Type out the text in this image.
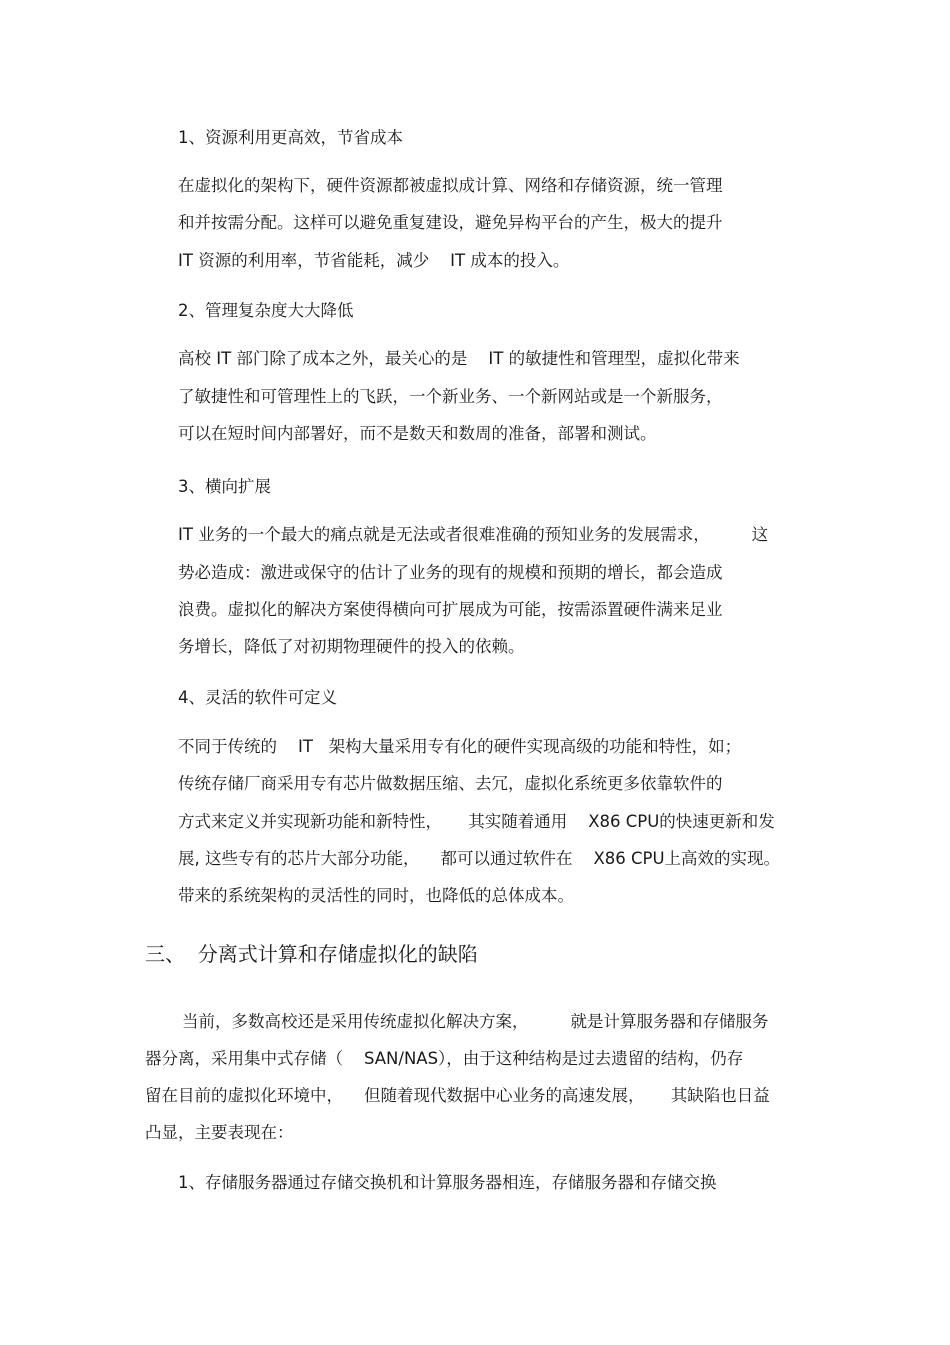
1、资源利用更高效，节省成本

在虚拟化的架构下，硬件资源都被虚拟成计算、网络和存储资源，统一管理

和并按需分配。这样可以避免重复建设，避免异构平台的产生，极大的提升

IT 资源的利用率，节省能耗，减少    IT 成本的投入。

2、管理复杂度大大降低

高校 IT 部门除了成本之外，最关心的是    IT 的敏捷性和管理型，虚拟化带来

了敏捷性和可管理性上的飞跃，一个新业务、一个新网站或是一个新服务，

可以在短时间内部署好，而不是数天和数周的准备，部署和测试。

3、横向扩展

IT 业务的一个最大的痛点就是无法或者很难准确的预知业务的发展需求，        这

势必造成：激进或保守的估计了业务的现有的规模和预期的增长，都会造成

浪费。虚拟化的解决方案使得横向可扩展成为可能，按需添置硬件满来足业

务增长，降低了对初期物理硬件的投入的依赖。

4、灵活的软件可定义

不同于传统的    IT   架构大量采用专有化的硬件实现高级的功能和特性，如；

传统存储厂商采用专有芯片做数据压缩、去冗，虚拟化系统更多依靠软件的

方式来定义并实现新功能和新特性，     其实随着通用    X86 CPU的快速更新和发

展, 这些专有的芯片大部分功能，    都可以通过软件在    X86 CPU上高效的实现。

带来的系统架构的灵活性的同时，也降低的总体成本。

三、  分离式计算和存储虚拟化的缺陷

当前，多数高校还是采用传统虚拟化解决方案，        就是计算服务器和存储服务

器分离，采用集中式存储（    SAN/NAS），由于这种结构是过去遗留的结构，仍存

留在目前的虚拟化环境中，    但随着现代数据中心业务的高速发展，     其缺陷也日益

凸显，主要表现在：

1、存储服务器通过存储交换机和计算服务器相连，存储服务器和存储交换
